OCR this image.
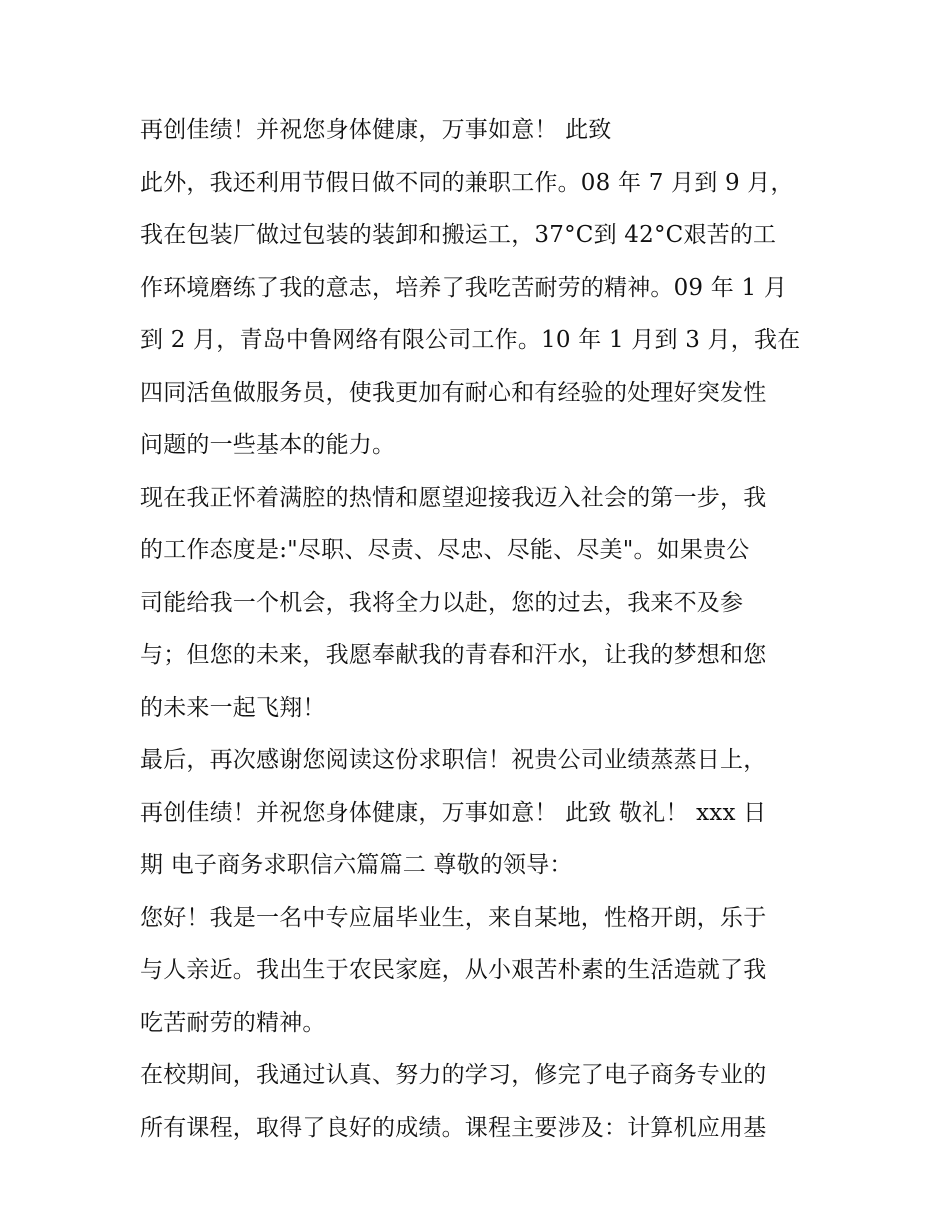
再创佳绩！并祝您身体健康，万事如意！ 此致
此外，我还利用节假日做不同的兼职工作。08 年 7 月到 9 月，
我在包装厂做过包装的装卸和搬运工，37°C到 42°C艰苦的工
作环境磨练了我的意志，培养了我吃苦耐劳的精神。09 年 1 月
到 2 月，青岛中鲁网络有限公司工作。10 年 1 月到 3 月，我在
四同活鱼做服务员，使我更加有耐心和有经验的处理好突发性
问题的一些基本的能力。
现在我正怀着满腔的热情和愿望迎接我迈入社会的第一步，我
的工作态度是:"尽职、尽责、尽忠、尽能、尽美"。如果贵公
司能给我一个机会，我将全力以赴，您的过去，我来不及参
与；但您的未来，我愿奉献我的青春和汗水，让我的梦想和您
的未来一起飞翔！
最后，再次感谢您阅读这份求职信！祝贵公司业绩蒸蒸日上，
再创佳绩！并祝您身体健康，万事如意！ 此致 敬礼！ xxx 日
期 电子商务求职信六篇篇二 尊敬的领导：
您好！我是一名中专应届毕业生，来自某地，性格开朗，乐于
与人亲近。我出生于农民家庭，从小艰苦朴素的生活造就了我
吃苦耐劳的精神。
在校期间，我通过认真、努力的学习，修完了电子商务专业的
所有课程，取得了良好的成绩。课程主要涉及：计算机应用基
